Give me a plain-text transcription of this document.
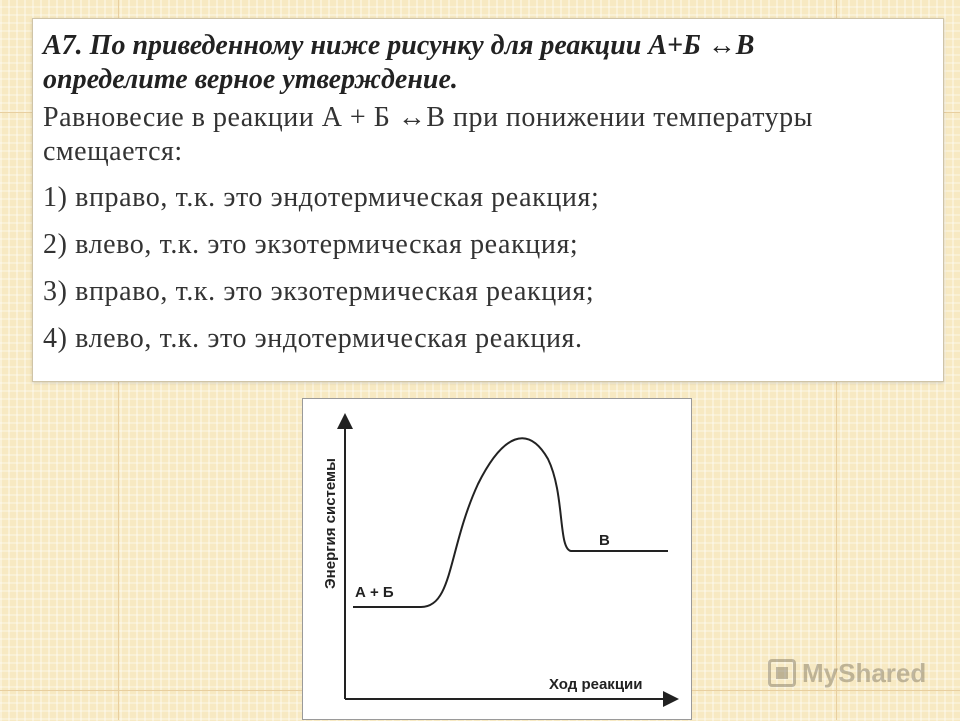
А7. По приведенному ниже рисунку для реакции А+Б ↔В
определите верное утверждение.
Равновесие в реакции А + Б ↔В при понижении температуры смещается:
1) вправо, т.к. это эндотермическая реакция;
2) влево, т.к. это экзотермическая реакция;
3) вправо, т.к. это экзотермическая реакция;
4) влево, т.к. это эндотермическая реакция.
Энергия системы
Ход реакции
А + Б
В
MyShared
